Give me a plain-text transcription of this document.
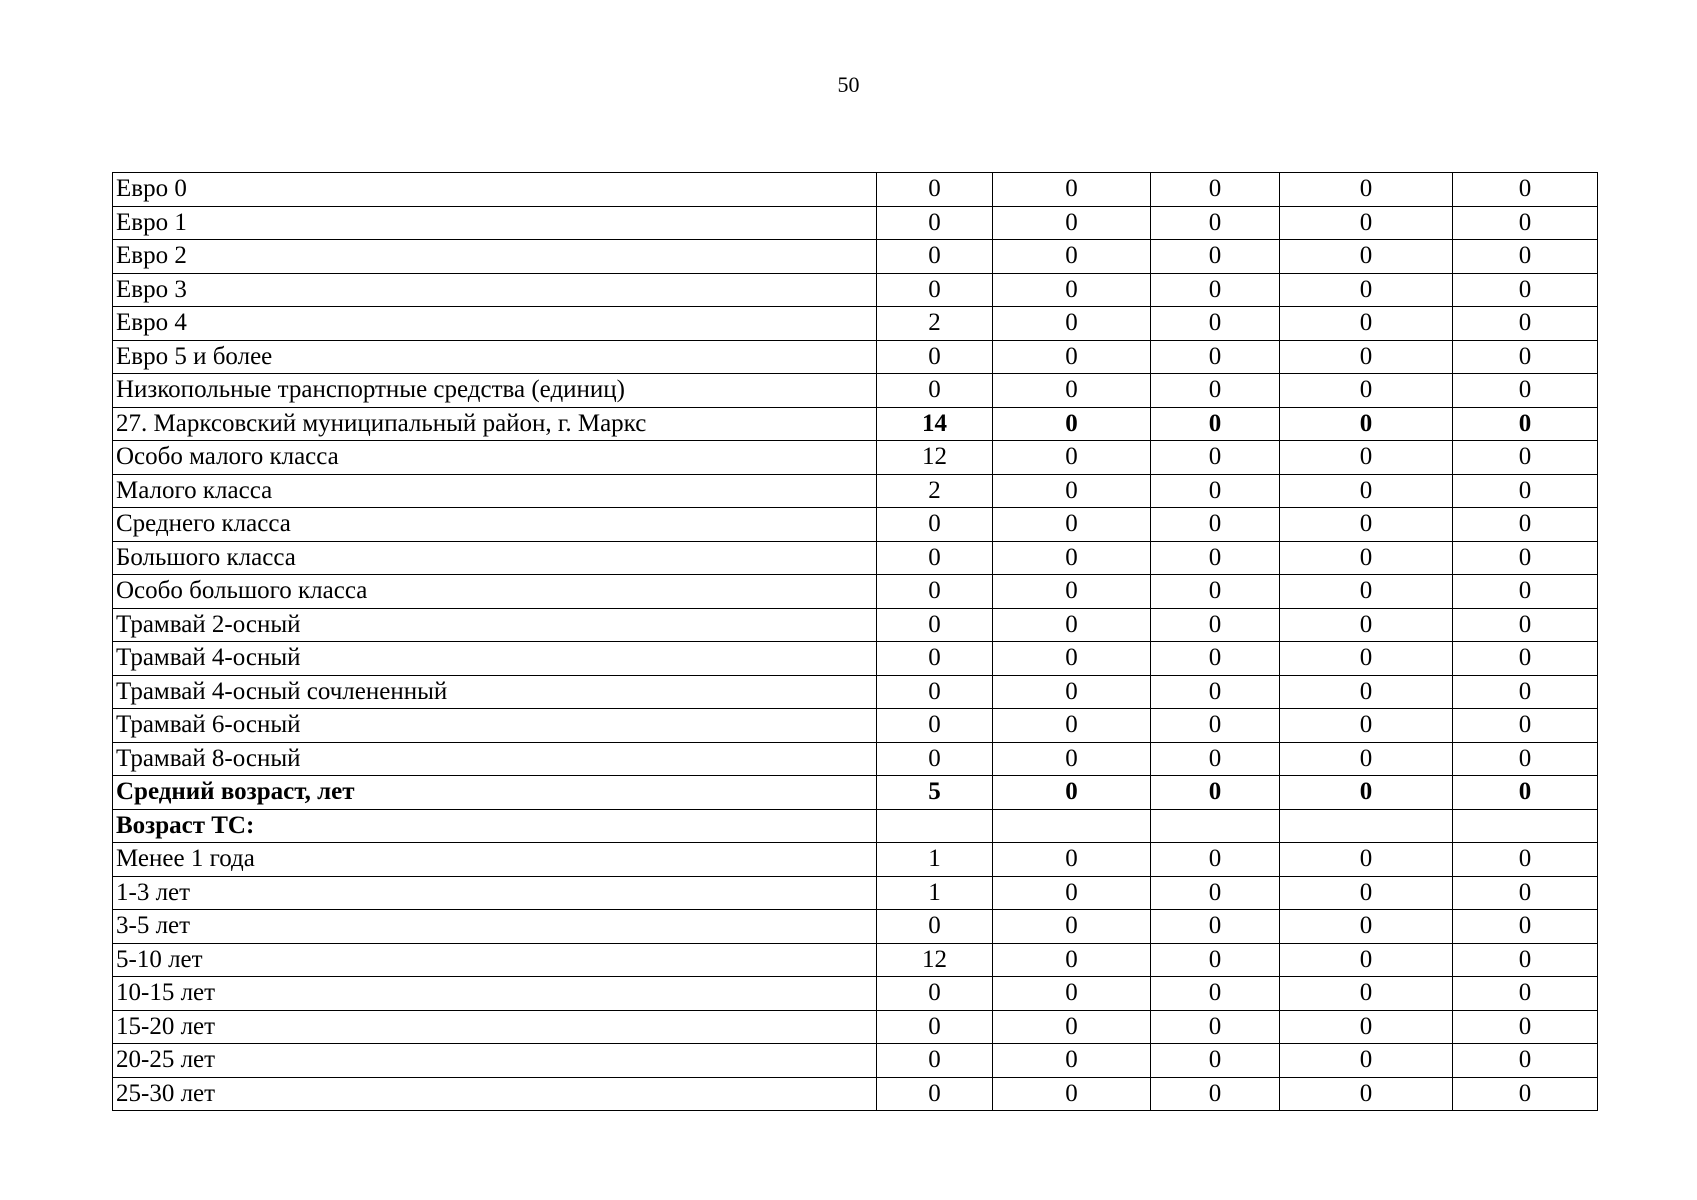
50
Евро 0	0	0	0	0	0
Евро 1	0	0	0	0	0
Евро 2	0	0	0	0	0
Евро 3	0	0	0	0	0
Евро 4	2	0	0	0	0
Евро 5 и более	0	0	0	0	0
Низкопольные транспортные средства (единиц)	0	0	0	0	0
27. Марксовский муниципальный район, г. Маркс	14	0	0	0	0
Особо малого класса	12	0	0	0	0
Малого класса	2	0	0	0	0
Среднего класса	0	0	0	0	0
Большого класса	0	0	0	0	0
Особо большого класса	0	0	0	0	0
Трамвай 2-осный	0	0	0	0	0
Трамвай 4-осный	0	0	0	0	0
Трамвай 4-осный сочлененный	0	0	0	0	0
Трамвай 6-осный	0	0	0	0	0
Трамвай 8-осный	0	0	0	0	0
Средний возраст, лет	5	0	0	0	0
Возраст ТС:					
Менее 1 года	1	0	0	0	0
1-3 лет	1	0	0	0	0
3-5 лет	0	0	0	0	0
5-10 лет	12	0	0	0	0
10-15 лет	0	0	0	0	0
15-20 лет	0	0	0	0	0
20-25 лет	0	0	0	0	0
25-30 лет	0	0	0	0	0
